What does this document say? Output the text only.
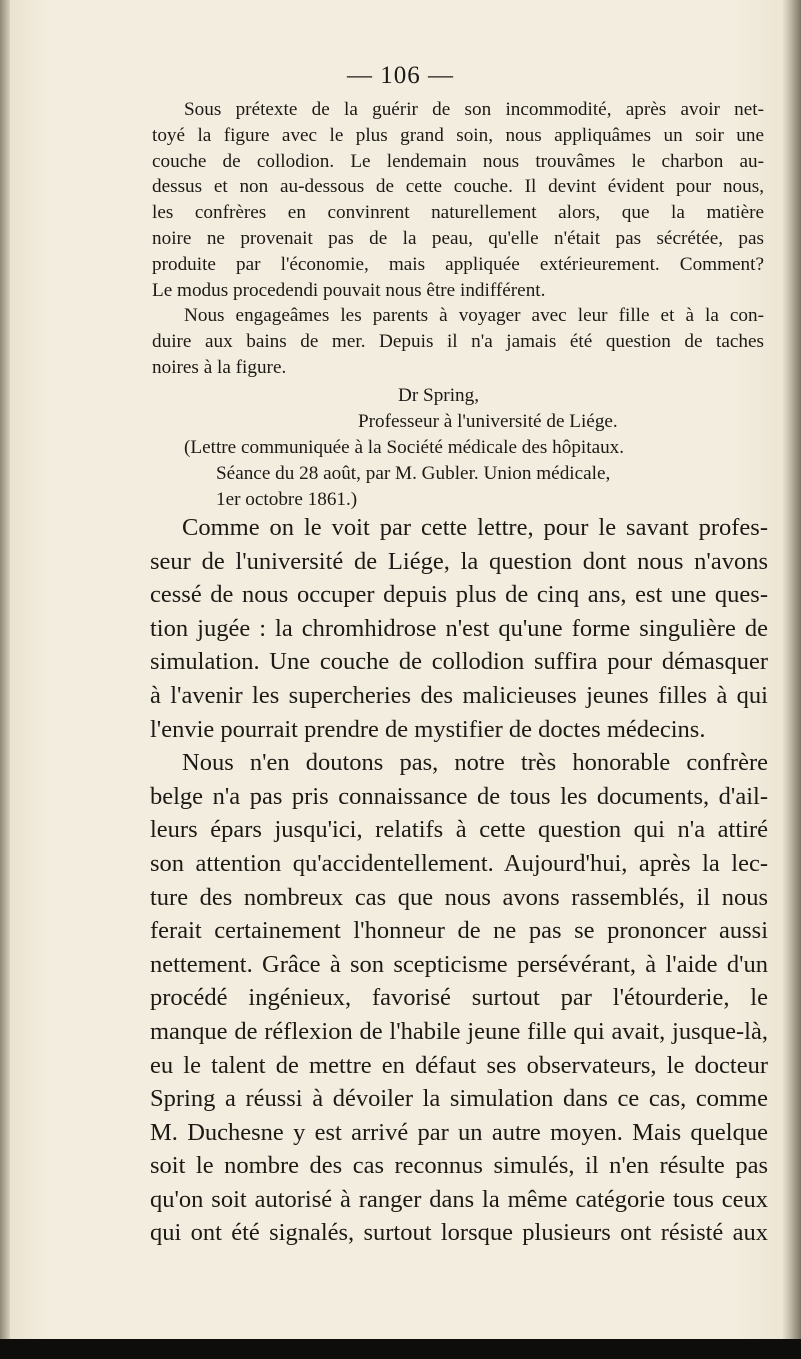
— 106 —
Sous prétexte de la guérir de son incommodité, après avoir net-
toyé la figure avec le plus grand soin, nous appliquâmes un soir une
couche de collodion. Le lendemain nous trouvâmes le charbon au-
dessus et non au-dessous de cette couche. Il devint évident pour nous,
les confrères en convinrent naturellement alors, que la matière
noire ne provenait pas de la peau, qu'elle n'était pas sécrétée, pas
produite par l'économie, mais appliquée extérieurement. Comment?
Le modus procedendi pouvait nous être indifférent.
Nous engageâmes les parents à voyager avec leur fille et à la con-
duire aux bains de mer. Depuis il n'a jamais été question de taches
noires à la figure.
Dr Spring,
Professeur à l'université de Liége.
(Lettre communiquée à la Société médicale des hôpitaux.
Séance du 28 août, par M. Gubler. Union médicale,
1er octobre 1861.)
Comme on le voit par cette lettre, pour le savant profes-
seur de l'université de Liége, la question dont nous n'avons
cessé de nous occuper depuis plus de cinq ans, est une ques-
tion jugée : la chromhidrose n'est qu'une forme singulière de
simulation. Une couche de collodion suffira pour démasquer
à l'avenir les supercheries des malicieuses jeunes filles à qui
l'envie pourrait prendre de mystifier de doctes médecins.
Nous n'en doutons pas, notre très honorable confrère
belge n'a pas pris connaissance de tous les documents, d'ail-
leurs épars jusqu'ici, relatifs à cette question qui n'a attiré
son attention qu'accidentellement. Aujourd'hui, après la lec-
ture des nombreux cas que nous avons rassemblés, il nous
ferait certainement l'honneur de ne pas se prononcer aussi
nettement. Grâce à son scepticisme persévérant, à l'aide d'un
procédé ingénieux, favorisé surtout par l'étourderie, le
manque de réflexion de l'habile jeune fille qui avait, jusque-là,
eu le talent de mettre en défaut ses observateurs, le docteur
Spring a réussi à dévoiler la simulation dans ce cas, comme
M. Duchesne y est arrivé par un autre moyen. Mais quelque
soit le nombre des cas reconnus simulés, il n'en résulte pas
qu'on soit autorisé à ranger dans la même catégorie tous ceux
qui ont été signalés, surtout lorsque plusieurs ont résisté aux
